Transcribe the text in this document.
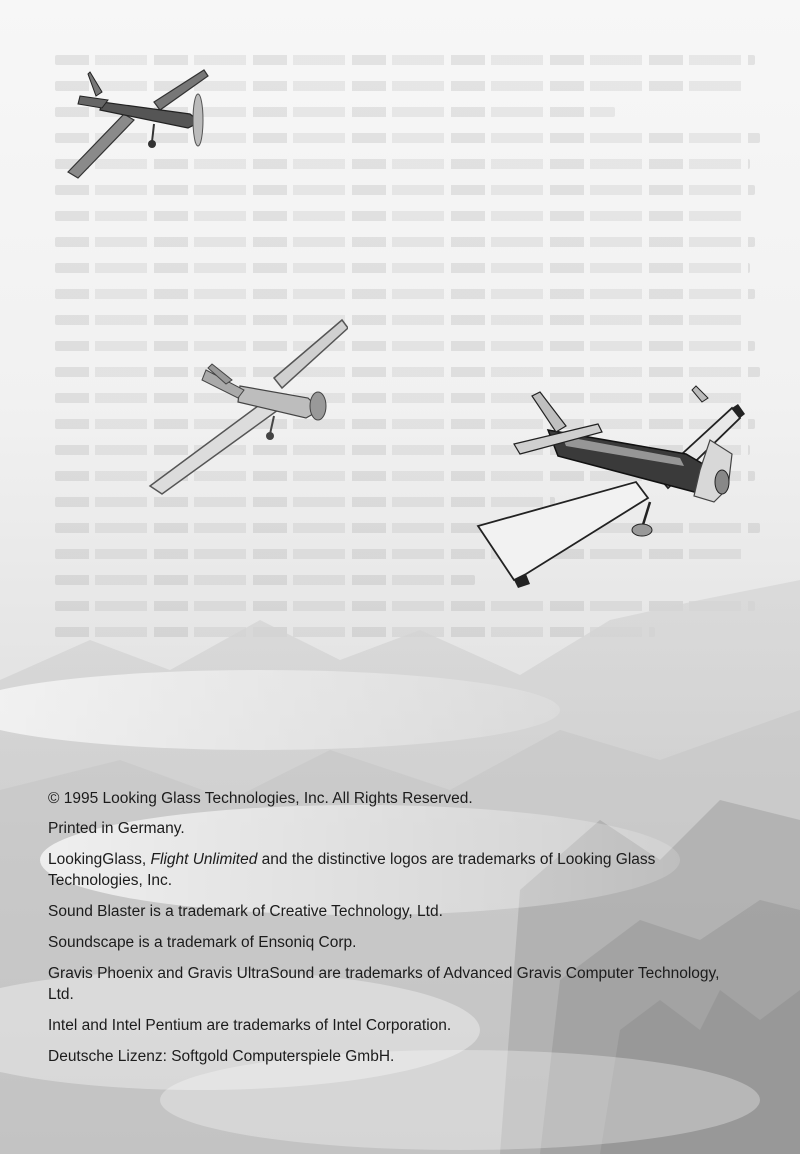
© 1995 Looking Glass Technologies, Inc. All Rights Reserved.

Printed in Germany.

LookingGlass, Flight Unlimited and the distinctive logos are trademarks of Looking Glass Technologies, Inc.

Sound Blaster is a trademark of Creative Technology, Ltd.

Soundscape is a trademark of Ensoniq Corp.

Gravis Phoenix and Gravis UltraSound are trademarks of Advanced Gravis Computer Technology, Ltd.

Intel and Intel Pentium are trademarks of Intel Corporation.

Deutsche Lizenz: Softgold Computerspiele GmbH.
